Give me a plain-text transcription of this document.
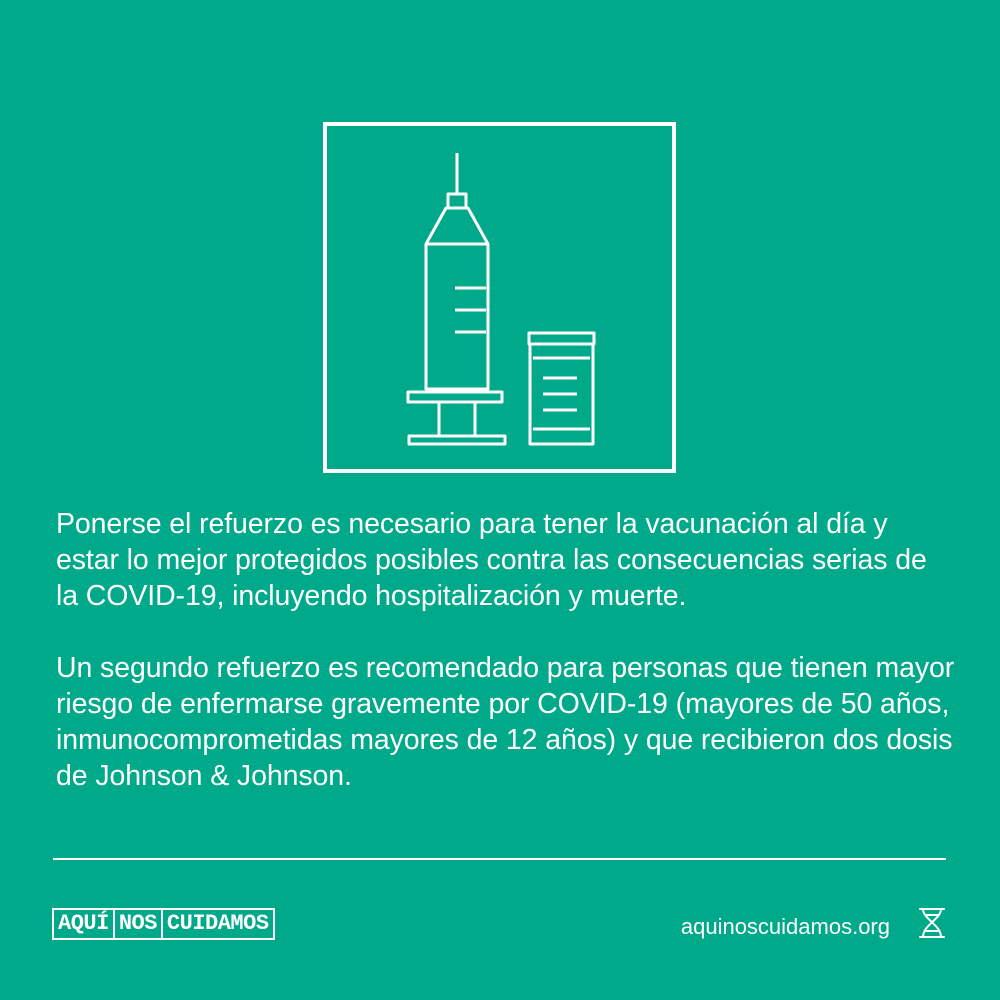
Ponerse el refuerzo es necesario para tener la vacunación al día y estar lo mejor protegidos posibles contra las consecuencias serias de la COVID-19, incluyendo hospitalización y muerte.

Un segundo refuerzo es recomendado para personas que tienen mayor riesgo de enfermarse gravemente por COVID-19 (mayores de 50 años, inmunocomprometidas mayores de 12 años) y que recibieron dos dosis de Johnson & Johnson.

AQUÍ NOS CUIDAMOS	aquinoscuidamos.org
